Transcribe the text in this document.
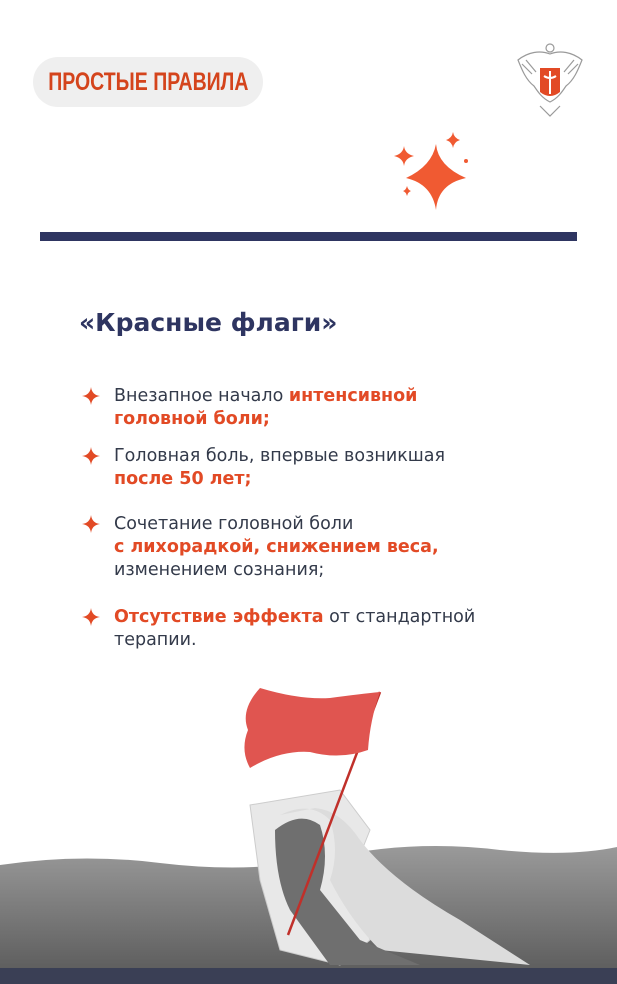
ПРОСТЫЕ ПРАВИЛА
«Красные флаги»
Внезапное начало интенсивной
головной боли;
Головная боль, впервые возникшая
после 50 лет;
Сочетание головной боли
с лихорадкой, снижением веса,
изменением сознания;
Отсутствие эффекта от стандартной
терапии.
